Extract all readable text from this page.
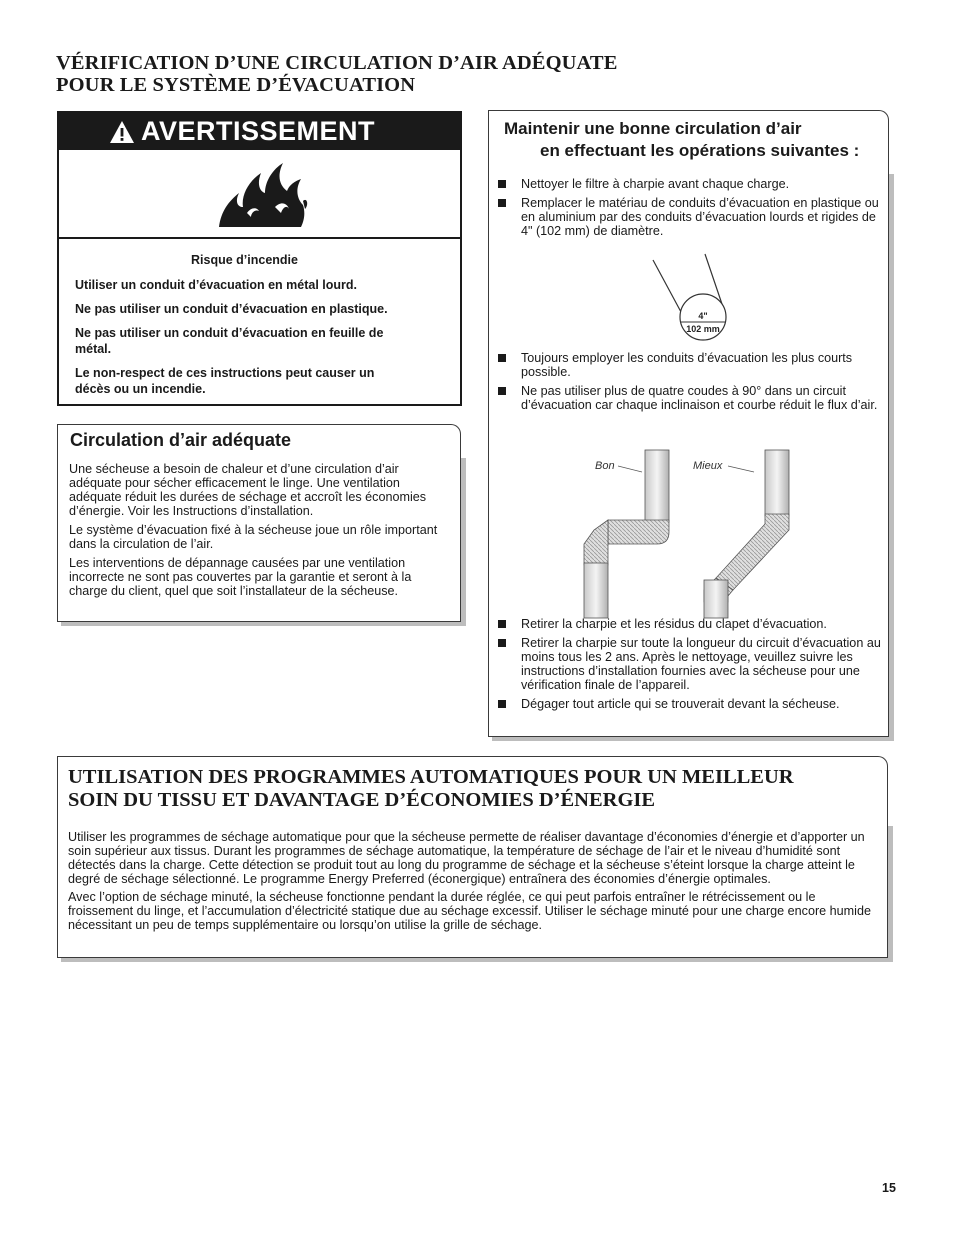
VÉRIFICATION D’UNE CIRCULATION D’AIR ADÉQUATE
POUR LE SYSTÈME D’ÉVACUATION
AVERTISSEMENT
Risque d’incendie

Utiliser un conduit d’évacuation en métal lourd.

Ne pas utiliser un conduit d’évacuation en plastique.

Ne pas utiliser un conduit d’évacuation en feuille de métal.

Le non-respect de ces instructions peut causer un décès ou un incendie.

Circulation d’air adéquate

Une sécheuse a besoin de chaleur et d’une circulation d’air adéquate pour sécher efficacement le linge. Une ventilation adéquate réduit les durées de séchage et accroît les économies d’énergie. Voir les Instructions d’installation.

Le système d’évacuation fixé à la sécheuse joue un rôle important dans la circulation de l’air.

Les interventions de dépannage causées par une ventilation incorrecte ne sont pas couvertes par la garantie et seront à la charge du client, quel que soit l’installateur de la sécheuse.

Maintenir une bonne circulation d’air
en effectuant les opérations suivantes :
Nettoyer le filtre à charpie avant chaque charge.
Remplacer le matériau de conduits d’évacuation en plastique ou en aluminium par des conduits d’évacuation lourds et rigides de 4" (102 mm) de diamètre.
4"
102 mm
Toujours employer les conduits d’évacuation les plus courts possible.
Ne pas utiliser plus de quatre coudes à 90° dans un circuit d’évacuation car chaque inclinaison et courbe réduit le flux d’air.
Bon	Mieux
Retirer la charpie et les résidus du clapet d’évacuation.
Retirer la charpie sur toute la longueur du circuit d’évacuation au moins tous les 2 ans. Après le nettoyage, veuillez suivre les instructions d’installation fournies avec la sécheuse pour une vérification finale de l’appareil.
Dégager tout article qui se trouverait devant la sécheuse.
UTILISATION DES PROGRAMMES AUTOMATIQUES POUR UN MEILLEUR
SOIN DU TISSU ET DAVANTAGE D’ÉCONOMIES D’ÉNERGIE

Utiliser les programmes de séchage automatique pour que la sécheuse permette de réaliser davantage d’économies d’énergie et d’apporter un soin supérieur aux tissus. Durant les programmes de séchage automatique, la température de séchage de l’air et le niveau d’humidité sont détectés dans la charge. Cette détection se produit tout au long du programme de séchage et la sécheuse s’éteint lorsque la charge atteint le degré de séchage sélectionné. Le programme Energy Preferred (éconergique) entraînera des économies d’énergie optimales.

Avec l’option de séchage minuté, la sécheuse fonctionne pendant la durée réglée, ce qui peut parfois entraîner le rétrécissement ou le froissement du linge, et l’accumulation d’électricité statique due au séchage excessif. Utiliser le séchage minuté pour une charge encore humide nécessitant un peu de temps supplémentaire ou lorsqu’on utilise la grille de séchage.

15
